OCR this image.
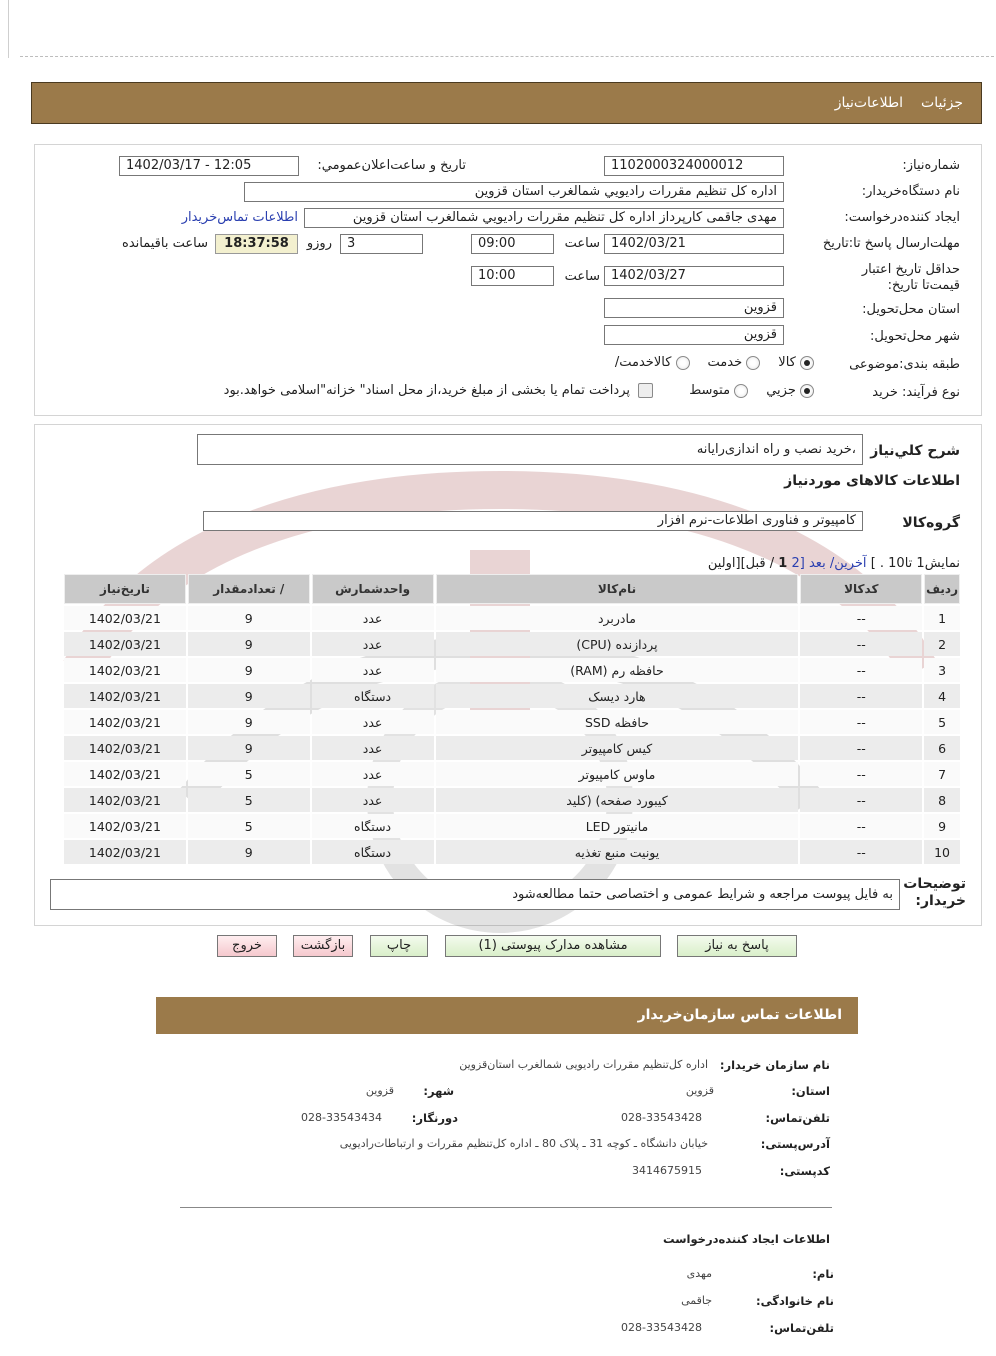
جزئيات
اطلاعات‌نياز
شماره‌نياز:
1102000324000012
تاريخ و ساعت‌اعلان‌عمومي:
1402/03/17 - 12:05
نام دستگاه‌خريدار:
اداره کل تنظيم مقررات راديويي شمالغرب استان قزوين
ايجاد کننده‌درخواست:
مهدی جاقمی کارپرداز اداره کل تنظيم مقررات راديويي شمالغرب استان قزوين
اطلاعات تماس‌خريدار
مهلت‌ارسال پاسخ تا:تاريخ
1402/03/21
ساعت
09:00
3
روزو
18:37:58
ساعت باقيمانده
حداقل تاريخ اعتبار قيمت‌تا تاريخ:
1402/03/27
ساعت
10:00
استان محل‌تحويل:
قزوين
شهر محل‌تحويل:
قزوين
طبقه بندی:موضوعی
کالا
خدمت
کالاخدمت/
نوع فرآيند: خريد
جزيي
متوسط
پرداخت تمام يا بخشی از مبلغ خريد،از محل اسناد" خزانه"اسلامی خواهد.بود
شرح کلي‌نياز
،خريد نصب و راه اندازی‌رايانه
اطلاعات کالاهای موردنياز
گروه‌کالا
کامپيوتر و فناوری اطلاعات-نرم افزار
نمايش1 تا10 . ] آخرين/ بعد [2 1 / قبل][اولين
رديف	کدکالا	نام‌کالا	واحدشمارش	/ تعدادمقدار	تاريخ‌نياز
1	--	مادربرد	عدد	9	1402/03/21
2	--	پردازنده (CPU)	عدد	9	1402/03/21
3	--	حافظه رم (RAM)	عدد	9	1402/03/21
4	--	هارد ديسک	دستگاه	9	1402/03/21
5	--	حافظه SSD	عدد	9	1402/03/21
6	--	کيس کامپيوتر	عدد	9	1402/03/21
7	--	ماوس کامپيوتر	عدد	5	1402/03/21
8	--	کيبورد صفحه) (کليد	عدد	5	1402/03/21
9	--	مانيتور LED	دستگاه	5	1402/03/21
10	--	يونيت منبع تغذيه	دستگاه	9	1402/03/21
توضيحات خريدار:
به فايل پيوست مراجعه و شرايط عمومی و اختصاصی حتما مطالعه‌شود
پاسخ به نياز
مشاهده مدارک پيوستی (1)
چاپ
بازگشت
خروج
اطلاعات تماس سازمان‌خريدار
نام سازمان‌ خريدار:
اداره کل‌تنظيم مقررات راديويی شمالغرب استان‌قزوين
استان:
قزوين
شهر:
قزوين
تلفن‌تماس:
028-33543428
دورنگار:
028-33543434
آدرس‌پستی:
خيابان دانشگاه ـ کوچه 31 ـ پلاک 80 ـ اداره کل‌تنظيم مقررات و ارتباطات‌راديويی
کدپستی:
3414675915
اطلاعات ايجاد کننده‌درخواست
نام:
مهدی
نام خانوادگی:
جاقمی
تلفن‌تماس:
028-33543428
